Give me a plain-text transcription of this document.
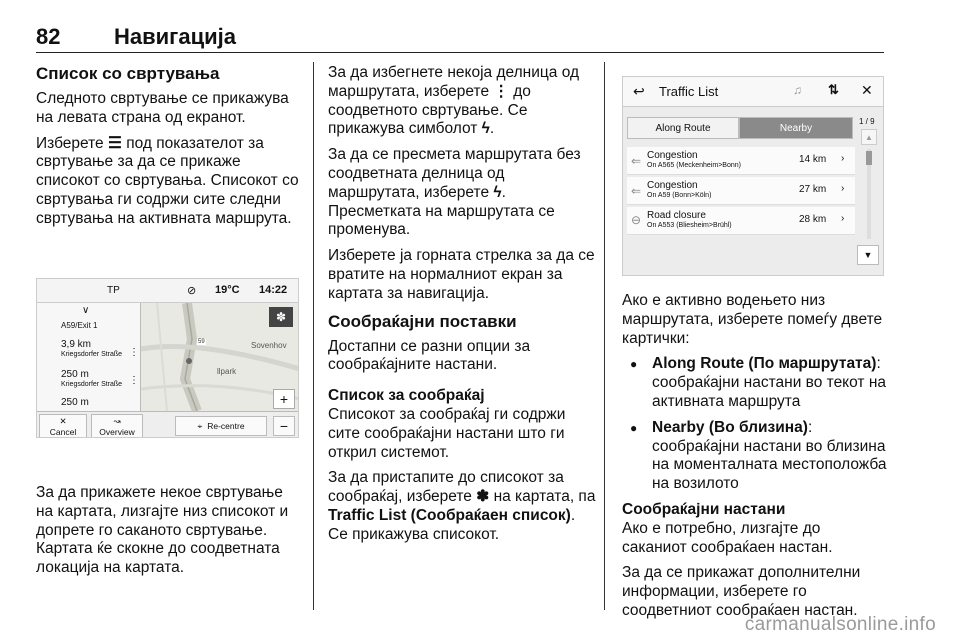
82 Навигација
Список со свртувања

Следното свртување се прикажува на левата страна од екранот.

Изберете ☰ под показателот за свртување за да се прикаже списокот со свртувања. Списокот со свртувања ги содржи сите следни свртувања на активната маршрута.

TP	⊘ 19°C 14:22
∨
A59/Exit 1
3,9 km
Kriegsdorfer Straße
250 m
Kriegsdorfer Straße
250 m
⋮
⋮
✽
+
llpark
Sovenhov
59
✕
Cancel
↝
Overview
⌖ Re-centre	−

За да прикажете некое свртување на картата, лизгајте низ списокот и допрете го саканото свртување. Картата ќе скокне до соодветната локација на картата.

За да избегнете некоја делница од маршрутата, изберете ⋮ до соодветното свртување. Се прикажува симболот ϟ.

За да се пресмета маршрутата без соодветната делница од маршрутата, изберете ϟ. Пресметката на маршрутата се променува.

Изберете ја горната стрелка за да се вратите на нормалниот екран за картата за навигација.

Сообраќајни поставки

Достапни се разни опции за сообраќајните настани.

Список за сообраќај

Списокот за сообраќај ги содржи сите сообраќајни настани што ги открил системот.

За да пристапите до списокот за сообраќај, изберете ✽ на картата, па Traffic List (Сообраќаен список). Се прикажува списокот.

↩ Traffic List	♫ ⇅ ✕
Along Route	Nearby
1 / 9
⇐ Congestion
On A565 (Meckenheim>Bonn)
14 km ›
⇐ Congestion
On A59 (Bonn>Köln)
27 km ›
⊖ Road closure
On A553 (Bliesheim>Brühl)
28 km ›
▲
▼

Ако е активно водењето низ маршрутата, изберете помеѓу двете картички:

● Along Route (По маршрутата): сообраќајни настани во текот на активната маршрута
● Nearby (Во близина): сообраќајни настани во близина на моменталната местоположба на возилото
Сообраќајни настани

Ако е потребно, лизгајте до саканиот сообраќаен настан.

За да се прикажат дополнителни информации, изберете го соодветниот сообраќаен настан.

carmanualsonline.info
